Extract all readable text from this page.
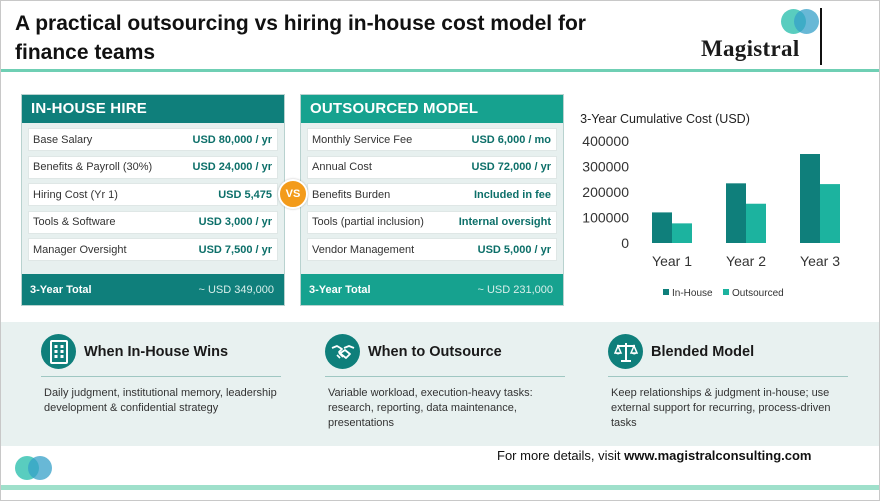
A practical outsourcing vs hiring in-house cost model for finance teams	Magistral
IN-HOUSE HIRE
Base Salary	USD 80,000 / yr
Benefits & Payroll (30%)	USD 24,000 / yr
Hiring Cost (Yr 1)	USD 5,475
Tools & Software	USD 3,000 / yr
Manager Oversight	USD 7,500 / yr
3-Year Total	~ USD 349,000
OUTSOURCED MODEL
Monthly Service Fee	USD 6,000 / mo
Annual Cost	USD 72,000 / yr
Benefits Burden	Included in fee
Tools (partial inclusion)	Internal oversight
Vendor Management	USD 5,000 / yr
3-Year Total	~ USD 231,000
VS
3-Year Cumulative Cost (USD)
400000
300000
200000
100000
0
Year 1 Year 2 Year 3
In-House Outsourced
When In-House Wins
Daily judgment, institutional memory, leadership development & confidential strategy
When to Outsource
Variable workload, execution-heavy tasks: research, reporting, data maintenance, presentations
Blended Model
Keep relationships & judgment in-house; use external support for recurring, process-driven tasks
For more details, visit www.magistralconsulting.com
